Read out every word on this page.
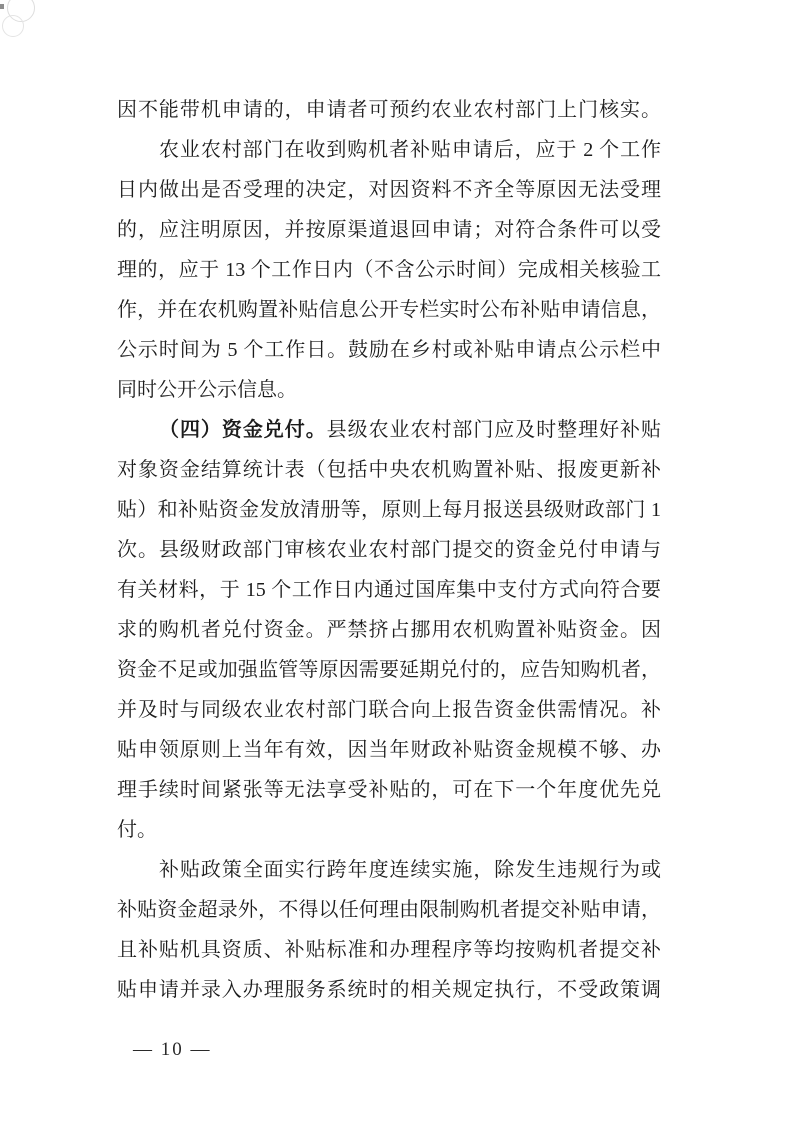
因不能带机申请的，申请者可预约农业农村部门上门核实。
农业农村部门在收到购机者补贴申请后，应于 2 个工作
日内做出是否受理的决定，对因资料不齐全等原因无法受理
的，应注明原因，并按原渠道退回申请；对符合条件可以受
理的，应于 13 个工作日内（不含公示时间）完成相关核验工
作，并在农机购置补贴信息公开专栏实时公布补贴申请信息，
公示时间为 5 个工作日。鼓励在乡村或补贴申请点公示栏中
同时公开公示信息。
（四）资金兑付。县级农业农村部门应及时整理好补贴
对象资金结算统计表（包括中央农机购置补贴、报废更新补
贴）和补贴资金发放清册等，原则上每月报送县级财政部门 1
次。县级财政部门审核农业农村部门提交的资金兑付申请与
有关材料，于 15 个工作日内通过国库集中支付方式向符合要
求的购机者兑付资金。严禁挤占挪用农机购置补贴资金。因
资金不足或加强监管等原因需要延期兑付的，应告知购机者，
并及时与同级农业农村部门联合向上报告资金供需情况。补
贴申领原则上当年有效，因当年财政补贴资金规模不够、办
理手续时间紧张等无法享受补贴的，可在下一个年度优先兑
付。
补贴政策全面实行跨年度连续实施，除发生违规行为或
补贴资金超录外，不得以任何理由限制购机者提交补贴申请，
且补贴机具资质、补贴标准和办理程序等均按购机者提交补
贴申请并录入办理服务系统时的相关规定执行，不受政策调
— 10 —
